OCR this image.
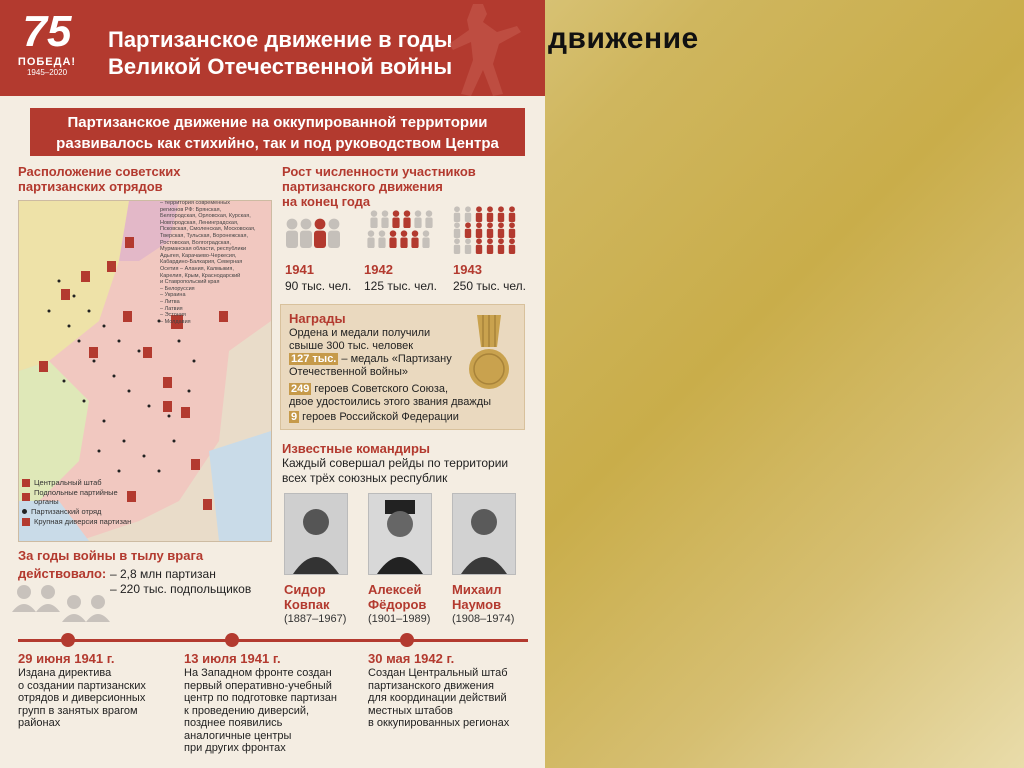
движение
75
ПОБЕДА!
1945–2020
Партизанское движение в годы
Великой Отечественной войны
Партизанское движение на оккупированной территории
развивалось как стихийно, так и под руководством Центра
Расположение советских
партизанских отрядов
– территория современных
регионов РФ: Брянская,
Белгородская, Орловская, Курская,
Новгородская, Ленинградская,
Псковская, Смоленская, Московская,
Тверская, Тульская, Воронежская,
Ростовская, Волгоградская,
Мурманская области, республики
Адыгея, Карачаево-Черкесия,
Кабардино-Балкария, Северная
Осетия – Алания, Калмыкия,
Карелия, Крым, Краснодарский
и Ставропольский края
– Белоруссия
– Украина
– Литва
– Латвия
– Эстония
– Молдавия
Центральный штаб
Подпольные партийные органы
Партизанский отряд
Крупная диверсия партизан
Рост численности участников
партизанского движения
на конец года
1941	1942	1943
90 тыс. чел. 125 тыс. чел. 250 тыс. чел.
Награды
Ордена и медали получили
свыше 300 тыс. человек
127 тыс. – медаль «Партизану
Отечественной войны»
249 героев Советского Союза,
двое удостоились этого звания дважды
9 героев Российской Федерации
Известные командиры
Каждый совершал рейды по территории
всех трёх союзных республик
Сидор
Ковпак
Алексей
Фёдоров
Михаил
Наумов
(1887–1967) (1901–1989) (1908–1974)
За годы войны в тылу врага
действовало: – 2,8 млн партизан
– 220 тыс. подпольщиков
29 июня 1941 г.	13 июля 1941 г.	30 мая 1942 г.
Издана директива
о создании партизанских
отрядов и диверсионных
групп в занятых врагом
районах
На Западном фронте создан
первый оперативно-учебный
центр по подготовке партизан
к проведению диверсий,
позднее появились
аналогичные центры
при других фронтах
Создан Центральный штаб
партизанского движения
для координации действий
местных штабов
в оккупированных регионах
